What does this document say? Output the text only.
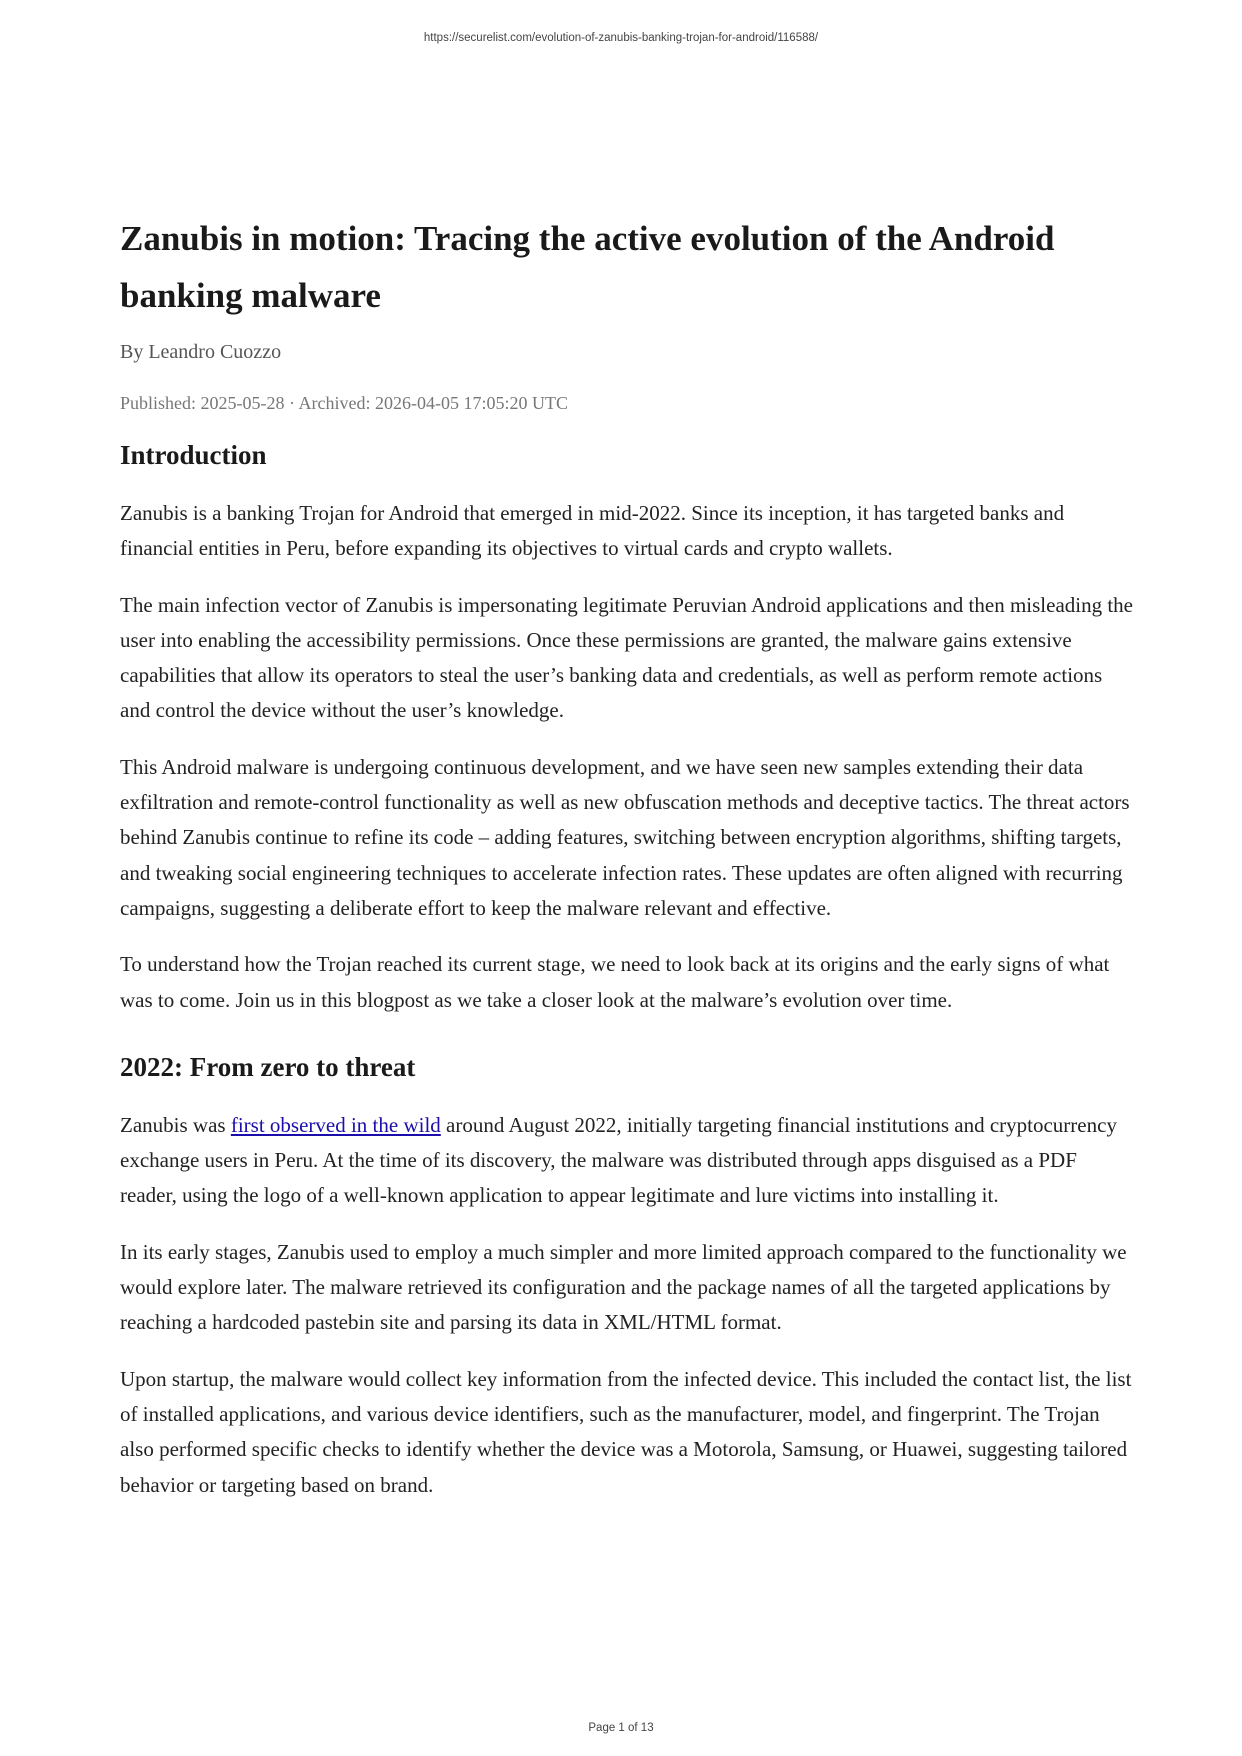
https://securelist.com/evolution-of-zanubis-banking-trojan-for-android/116588/
Zanubis in motion: Tracing the active evolution of the Android banking malware
By Leandro Cuozzo
Published: 2025-05-28 · Archived: 2026-04-05 17:05:20 UTC
Introduction

Zanubis is a banking Trojan for Android that emerged in mid-2022. Since its inception, it has targeted banks and financial entities in Peru, before expanding its objectives to virtual cards and crypto wallets.

The main infection vector of Zanubis is impersonating legitimate Peruvian Android applications and then misleading the user into enabling the accessibility permissions. Once these permissions are granted, the malware gains extensive capabilities that allow its operators to steal the user’s banking data and credentials, as well as perform remote actions and control the device without the user’s knowledge.

This Android malware is undergoing continuous development, and we have seen new samples extending their data exfiltration and remote-control functionality as well as new obfuscation methods and deceptive tactics. The threat actors behind Zanubis continue to refine its code – adding features, switching between encryption algorithms, shifting targets, and tweaking social engineering techniques to accelerate infection rates. These updates are often aligned with recurring campaigns, suggesting a deliberate effort to keep the malware relevant and effective.

To understand how the Trojan reached its current stage, we need to look back at its origins and the early signs of what was to come. Join us in this blogpost as we take a closer look at the malware’s evolution over time.

2022: From zero to threat

Zanubis was first observed in the wild around August 2022, initially targeting financial institutions and cryptocurrency exchange users in Peru. At the time of its discovery, the malware was distributed through apps disguised as a PDF reader, using the logo of a well-known application to appear legitimate and lure victims into installing it.

In its early stages, Zanubis used to employ a much simpler and more limited approach compared to the functionality we would explore later. The malware retrieved its configuration and the package names of all the targeted applications by reaching a hardcoded pastebin site and parsing its data in XML/HTML format.

Upon startup, the malware would collect key information from the infected device. This included the contact list, the list of installed applications, and various device identifiers, such as the manufacturer, model, and fingerprint. The Trojan also performed specific checks to identify whether the device was a Motorola, Samsung, or Huawei, suggesting tailored behavior or targeting based on brand.

Page 1 of 13
